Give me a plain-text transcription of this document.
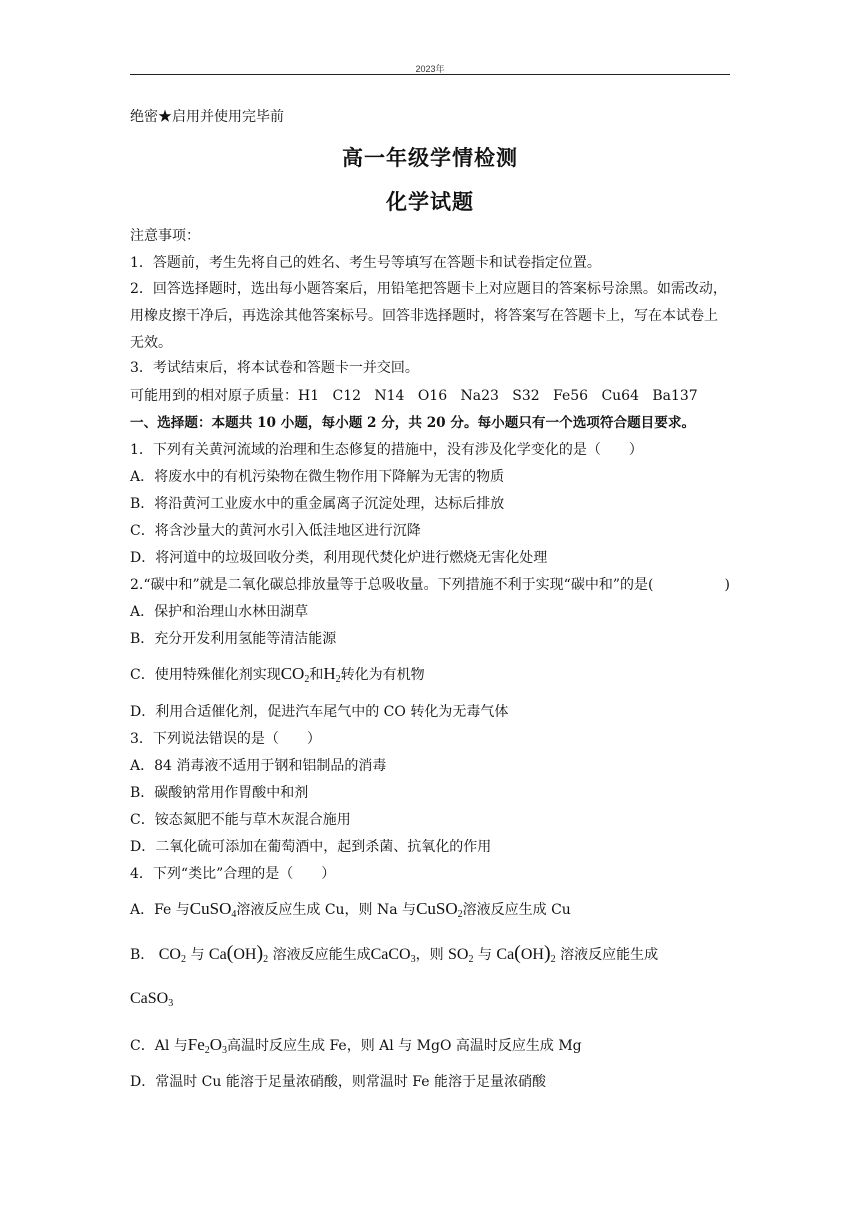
2023年
绝密★启用并使用完毕前
高一年级学情检测
化学试题
注意事项：
1．答题前，考生先将自己的姓名、考生号等填写在答题卡和试卷指定位置。
2．回答选择题时，选出每小题答案后，用铅笔把答题卡上对应题目的答案标号涂黑。如需改动，用橡皮擦干净后，再选涂其他答案标号。回答非选择题时，将答案写在答题卡上，写在本试卷上无效。
3．考试结束后，将本试卷和答题卡一并交回。
可能用到的相对原子质量：H1 C12 N14 O16 Na23 S32 Fe56 Cu64 Ba137
一、选择题：本题共 10 小题，每小题 2 分，共 20 分。每小题只有一个选项符合题目要求。
1．下列有关黄河流域的治理和生态修复的措施中，没有涉及化学变化的是（　　）
A．将废水中的有机污染物在微生物作用下降解为无害的物质
B．将沿黄河工业废水中的重金属离子沉淀处理，达标后排放
C．将含沙量大的黄河水引入低洼地区进行沉降
D．将河道中的垃圾回收分类，利用现代焚化炉进行燃烧无害化处理
2.“碳中和”就是二氧化碳总排放量等于总吸收量。下列措施不利于实现“碳中和”的是(	)
A．保护和治理山水林田湖草
B．充分开发利用氢能等清洁能源
C．使用特殊催化剂实现$CO_2$和$H_2$转化为有机物
D．利用合适催化剂，促进汽车尾气中的 CO 转化为无毒气体
3．下列说法错误的是（　　）
A．84 消毒液不适用于钢和铝制品的消毒
B．碳酸钠常用作胃酸中和剂
C．铵态氮肥不能与草木灰混合施用
D．二氧化硫可添加在葡萄酒中，起到杀菌、抗氧化的作用
4．下列“类比”合理的是（　　）
A．Fe 与CuSO$_4$溶液反应生成 Cu，则 Na 与CuSO$_2$溶液反应生成 Cu
B． $CO_2$ 与 $Ca(OH)_2$ 溶液反应能生成CaCO$_3$，则 $SO_2$ 与 $Ca(OH)_2$ 溶液反应能生成
CaSO$_3$
C．Al 与$Fe_2O_3$高温时反应生成 Fe，则 Al 与 MgO 高温时反应生成 Mg
D．常温时 Cu 能溶于足量浓硝酸，则常温时 Fe 能溶于足量浓硝酸
